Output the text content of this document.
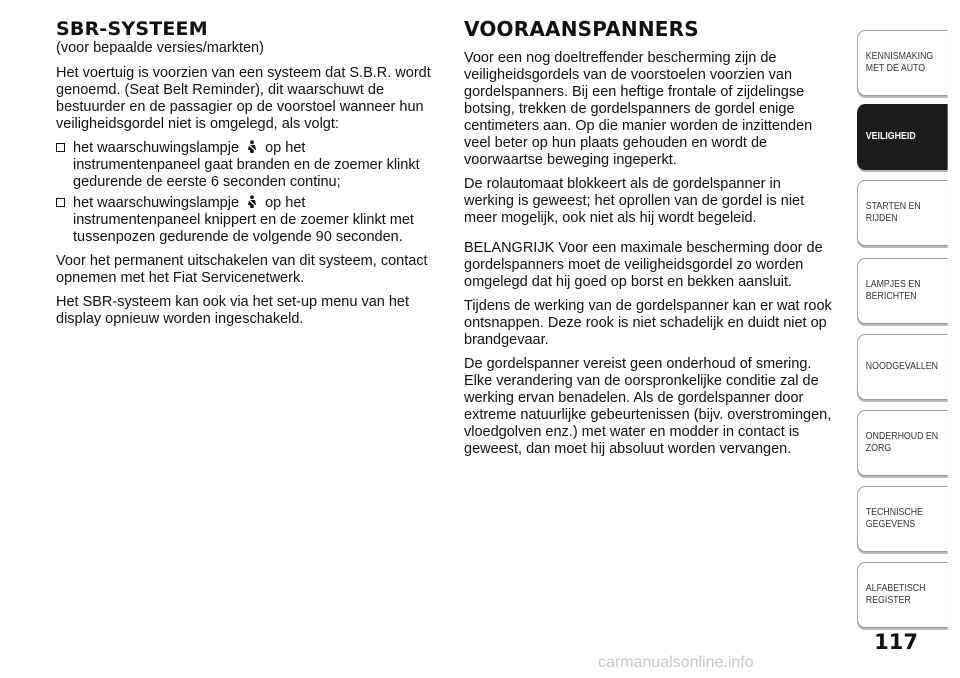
SBR-SYSTEEM
(voor bepaalde versies/markten)

Het voertuig is voorzien van een systeem dat S.B.R. wordt genoemd. (Seat Belt Reminder), dit waarschuwt de bestuurder en de passagier op de voorstoel wanneer hun veiligheidsgordel niet is omgelegd, als volgt:

het waarschuwingslampje op het instrumentenpaneel gaat branden en de zoemer klinkt gedurende de eerste 6 seconden continu;
het waarschuwingslampje op het instrumentenpaneel knippert en de zoemer klinkt met tussenpozen gedurende de volgende 90 seconden.

Voor het permanent uitschakelen van dit systeem, contact opnemen met het Fiat Servicenetwerk.

Het SBR-systeem kan ook via het set-up menu van het display opnieuw worden ingeschakeld.

VOORAANSPANNERS

Voor een nog doeltreffender bescherming zijn de veiligheidsgordels van de voorstoelen voorzien van gordelspanners. Bij een heftige frontale of zijdelingse botsing, trekken de gordelspanners de gordel enige centimeters aan. Op die manier worden de inzittenden veel beter op hun plaats gehouden en wordt de voorwaartse beweging ingeperkt.

De rolautomaat blokkeert als de gordelspanner in werking is geweest; het oprollen van de gordel is niet meer mogelijk, ook niet als hij wordt begeleid.

BELANGRIJK Voor een maximale bescherming door de gordelspanners moet de veiligheidsgordel zo worden omgelegd dat hij goed op borst en bekken aansluit.

Tijdens de werking van de gordelspanner kan er wat rook ontsnappen. Deze rook is niet schadelijk en duidt niet op brandgevaar.

De gordelspanner vereist geen onderhoud of smering. Elke verandering van de oorspronkelijke conditie zal de werking ervan benadelen. Als de gordelspanner door extreme natuurlijke gebeurtenissen (bijv. overstromingen, vloedgolven enz.) met water en modder in contact is geweest, dan moet hij absoluut worden vervangen.

KENNISMAKING
MET DE AUTO
VEILIGHEID
STARTEN EN RIJDEN
LAMPJES EN
BERICHTEN
NOODGEVALLEN
ONDERHOUD EN
ZORG
TECHNISCHE
GEGEVENS
ALFABETISCH
REGISTER
117
carmanualsonline.info
